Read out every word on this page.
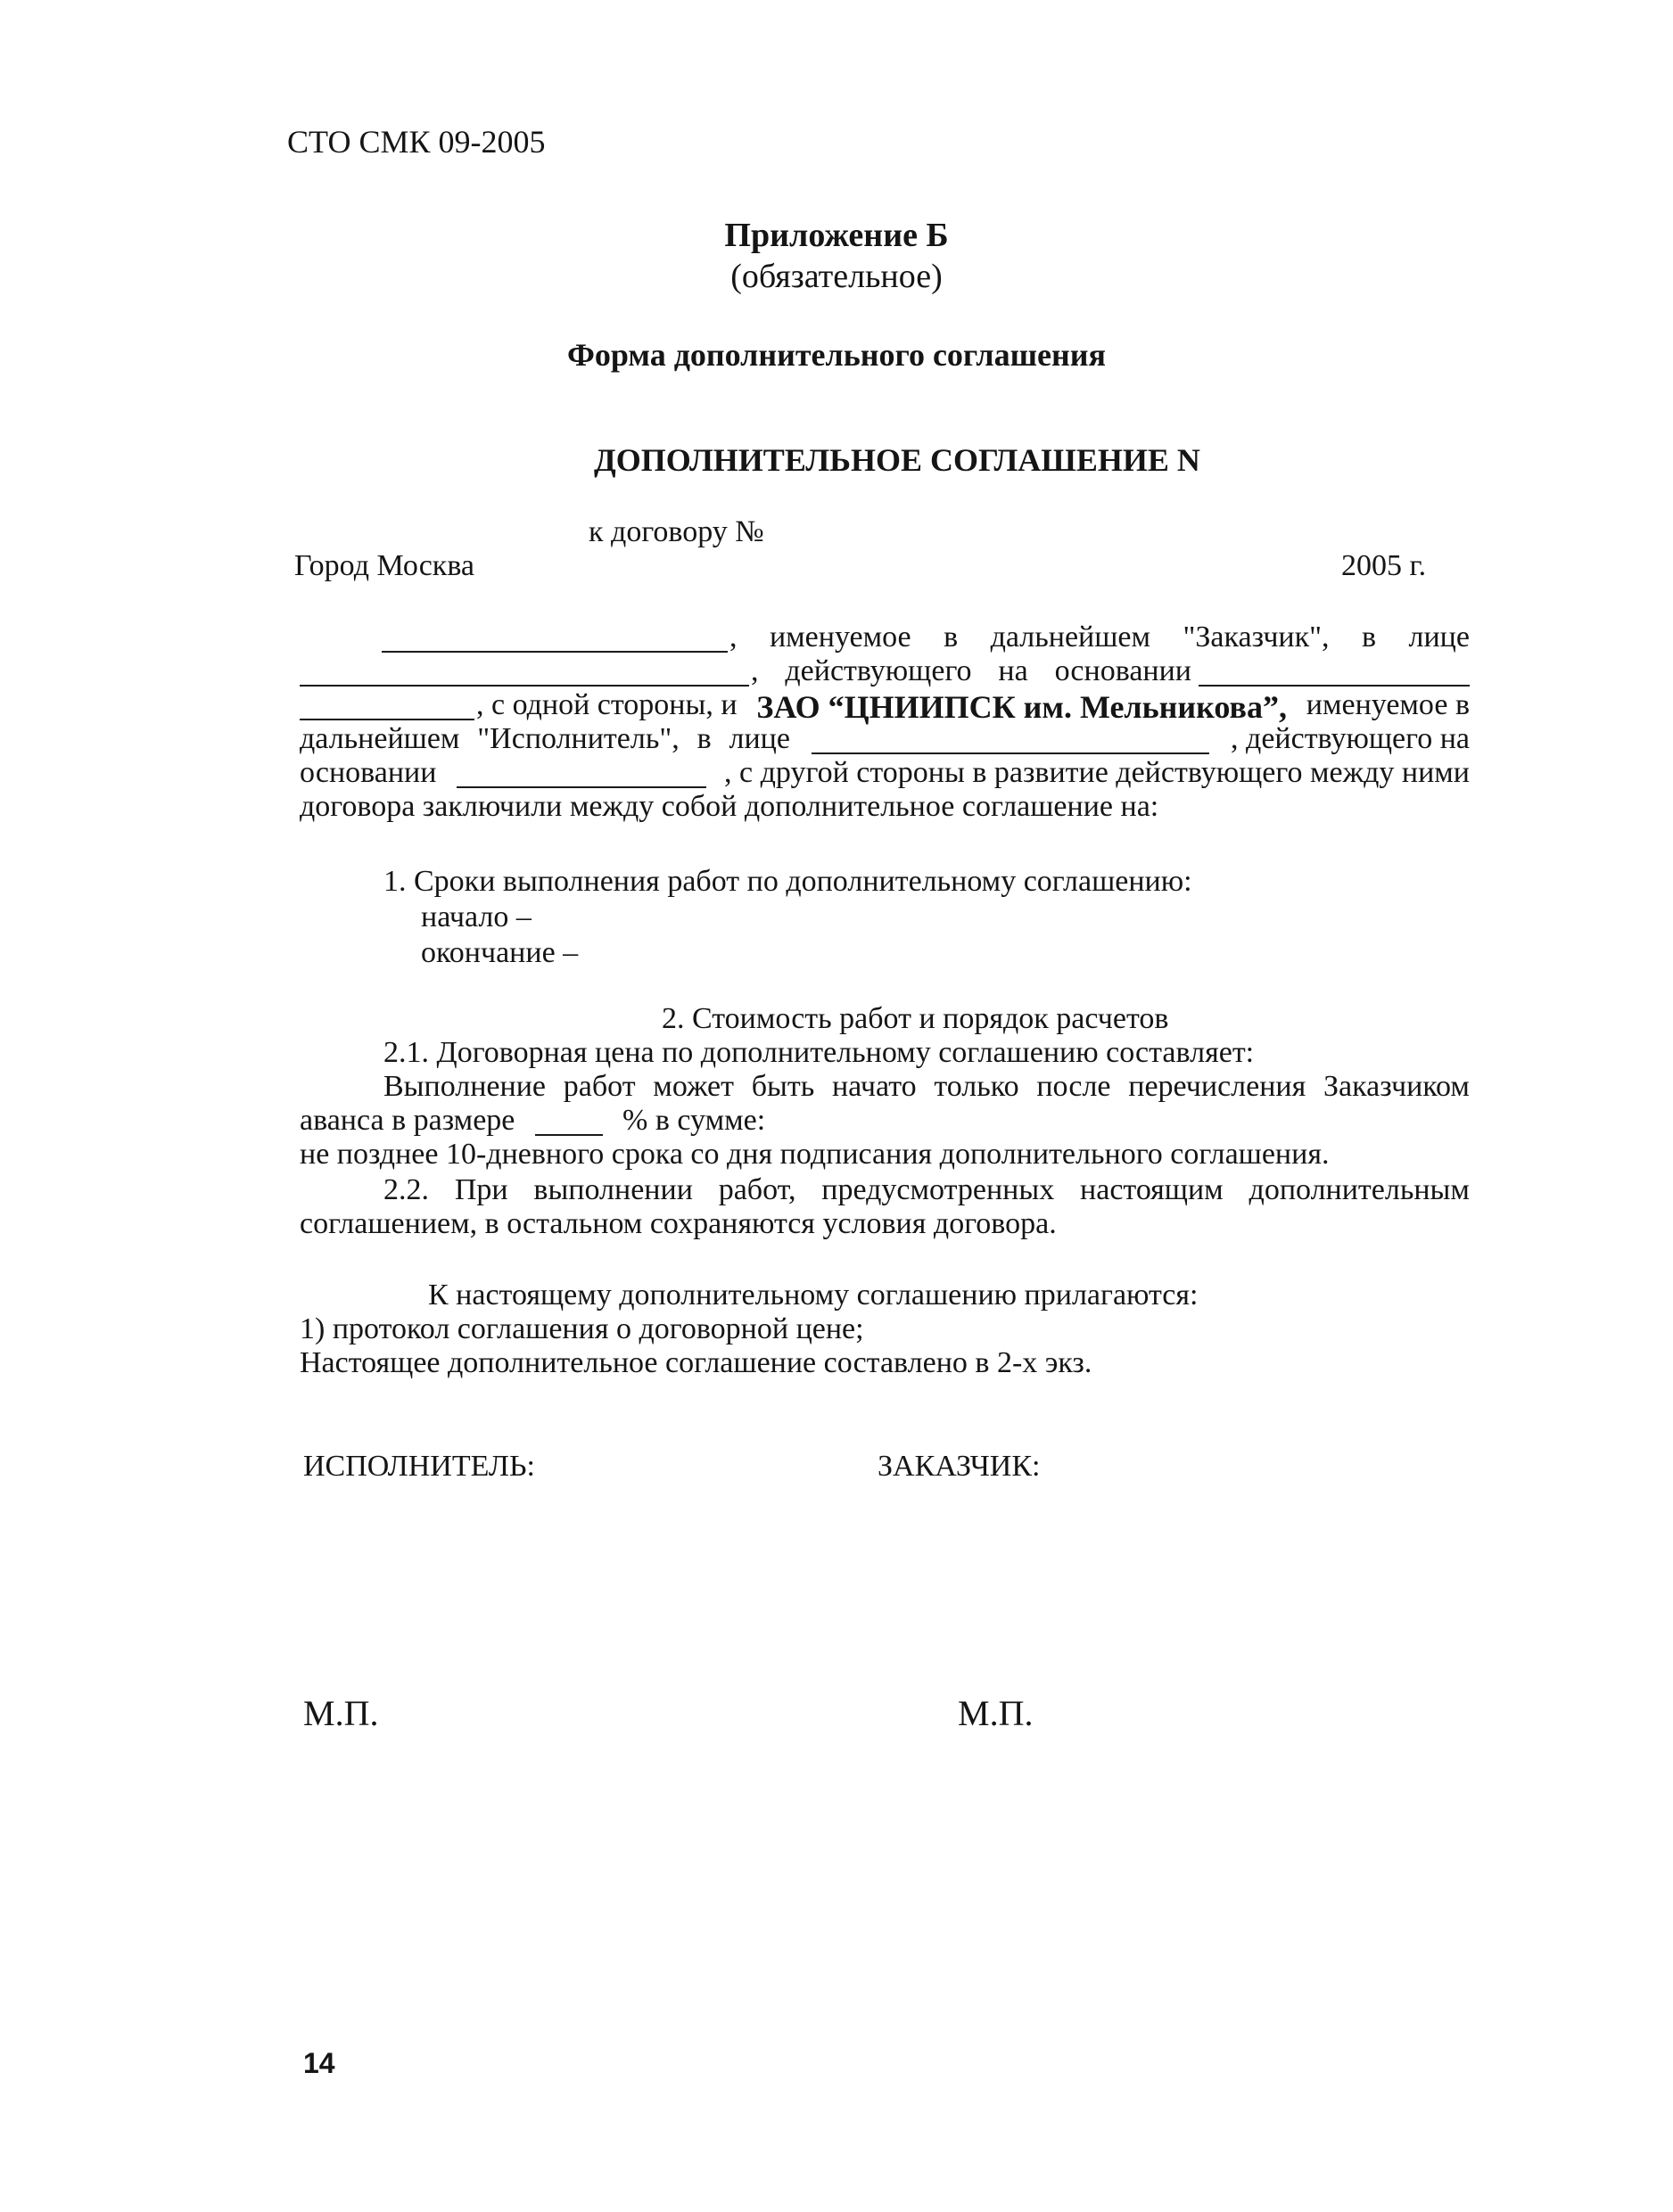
СТО СМК 09-2005
Приложение Б
(обязательное)
Форма дополнительного соглашения
ДОПОЛНИТЕЛЬНОЕ СОГЛАШЕНИЕ N
к договору №
Город Москва	2005 г.
, именуемое в дальнейшем "Заказчик", в лице
, действующего на основании
, с одной стороны, и ЗАО “ЦНИИПСК им. Мельникова”, именуемое в
дальнейшем "Исполнитель", в лице	, действующего на
основании	, с другой стороны в развитие действующего между ними
договора заключили между собой дополнительное соглашение на:
1. Сроки выполнения работ по дополнительному соглашению:
начало –
окончание –
2. Стоимость работ и порядок расчетов
2.1. Договорная цена по дополнительному соглашению составляет:
Выполнение работ может быть начато только после перечисления Заказчиком
аванса в размере	% в сумме:
не позднее 10-дневного срока со дня подписания дополнительного соглашения.
2.2. При выполнении работ, предусмотренных настоящим дополнительным
соглашением, в остальном сохраняются условия договора.
К настоящему дополнительному соглашению прилагаются:
1) протокол соглашения о договорной цене;
Настоящее дополнительное соглашение составлено в 2-х экз.
ИСПОЛНИТЕЛЬ:	ЗАКАЗЧИК:
М.П.	М.П.
14
